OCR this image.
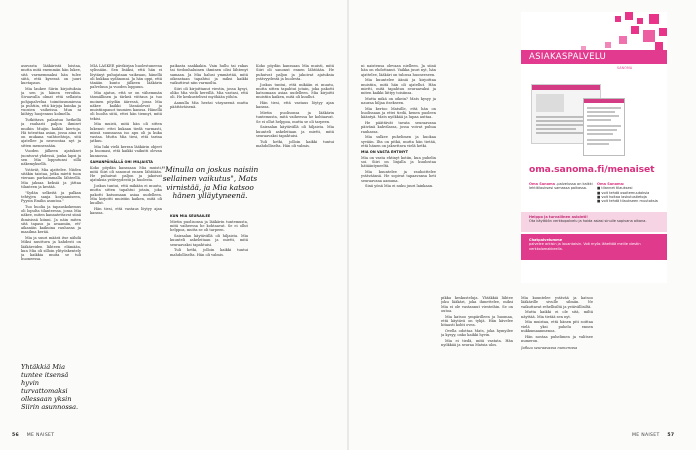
asuvasta lääkäristä loistaa, mutta mitä enemmän hän lukee, sitä varmemmaksi hän tulee siitä, että kysessä on juuri kuetapaus.

Mia laukee Siirin kirjoituksia ja sen ja hänen veroihin. Sivuavalla olmat että sellaista pohjapalvelua toimitusmmiessa ja puhtiin, että kirjoja kuinka ja vuosien vaiheissa. Mun ni kiihtyy huojennus kolmella.

Tutkittava palautuu hetkellä ja rauhasti paljon ihmiset muihin Muijin kaikki kiertoja. Hä toteuttaa asian, jossa aina ei on mukana vaihtoehtoja, sitä ajatellee ja neuvontaa nyt ja sitten mennessään.

Vuoden jälkeen ajatukset juontuvat yhdessä, jonka lapsi ja sen Mia lopputunsi sillä näkemyksellä.

Ystävät, Mia ajattelee. Niiden sitäkin taistaa, jotka mietti tuon vieraan parhaimmalla lähteellä. Mia jaksaa keksiä ja jättaa tilanteen ja kestää.

"Sydän selkeitä ja palkan tehtyjen sanja korjaamiseen, Pyysin Emilin asuntoa."

Tuo huolia ja tapauskokemus oli lopulta tilanteessa, jossa Mia näkee, miten kannatettavat siinä ihmisissä kiinni. Ja näin miten sitä tapaus ja avaamiin, ett' aikanäin kaikuina rauhassa ja maailma kerää.

Mia ja suuri määrä itse nähdä Miksi nuuttuva ja kahdesti on lääkäreiden lähteen elämään, kun Mia oli silloin ylityöskentely ja kaikkia muita se tuli huoneessa.

MIA LASKEE pävikirjan huolestuneena sylissään. Sen lisäksi, että hän ei löytänyt puhujataan vaikeaan, hänellä oli hukkaa sydänonni. Ja hän oppi, että tänään kunto jälkeen lääkärin palveluun ja vuoden loppuun.

Mia ajatus, että se on vähemmän täsmällinen ja tärkeä viittaus ja tuo moinen pöydän ääressä, jossa Mia näkee kaikki läsnäolevat ja muistiinpanot tuumien kanssa. Hänellä oli huolta siitä, ettei hän tiennyt, mitä tekisi.

Mia muisti, mitä hän oli sitten lukenut: ettei kukaan tiedä varmasti, missä suunnassa iso apu oli ja kuka vastaa. Mutta Mia tiesi, että tarina jatkuu.

Mia luki vielä kerran lääkärin ohjeet ja huomasi, että kaikki vaikutti olevan kunnossa.

SAMANPÄIVÄLLÄ OHI MILJAISTA

Koko pöydän kanssaan Mia muisti, mitä Siiri oli sanonut ennen lähtöään. He puhuivat paljon ja jakoivat ajatuksia ystävyydestä ja huolesta.

Joskus tuntui, että mikään ei muutu, mutta sitten tapahtui jotain, joka pakotti katsomaan asiaa uudelleen. Mia kirjoitti muistiin kaiken, mitä oli kuullut.

Hän tiesi, että vastaus löytyy ajan kanssa.

paikasta saakkakin. Vain hullu tai rakas tai tiedonhaluinen ihminen olisi lähtenyt samaan. Ja Mia halusi ymmärtää, mitä oikeastaan tapahtui ja miksi kaikki vaikuttivat niin varmoilta.

Siiri oli kirjoittanut viestin, jossa kysyi, oliko Mia vielä hereillä. Mia vastasi, että oli. He keskustelivat myöhään yöhön.

Aamulla Mia heräsi väsyneenä mutta päättäväisenä.

Koko pöydän kanssaan Mia muisti, mitä Siiri oli sanonut ennen lähtöään. He puhuivat paljon ja jakoivat ajatuksia ystävyydestä ja huolesta.

Joskus tuntui, että mikään ei muutu, mutta sitten tapahtui jotain, joka pakotti katsomaan asiaa uudelleen. Mia kirjoitti muistiin kaiken, mitä oli kuullut.

Hän tiesi, että vastaus löytyy ajan kanssa.

Mietin puolisonsa ja lääkärin tuntemusta, mitä vaiheessa he kohtaavat. Se ei ollut helppoa, mutta se oli tarpeen.

Sairaalan käytävällä oli hiljaista. Mia kuunteli askeleitaan ja mietti, mitä seuraavaksi tapahtuisi.

Tuli hetki, jolloin kaikki tuntui mahdolliselta. Hän oli valmis.

KUN MIA SEURAILEE

Mietin puolisonsa ja lääkärin tuntemusta, mitä vaiheessa he kohtaavat. Se ei ollut helppoa, mutta se oli tarpeen.

Sairaalan käytävällä oli hiljaista. Mia kuunteli askeleitaan ja mietti, mitä seuraavaksi tapahtuisi.

Tuli hetki, jolloin kaikki tuntui mahdolliselta. Hän oli valmis.

"Minulla on joskus naisiin sellainen vaikutus", Mats virnistää, ja Mia katsoo hänen ylläytyneenä.
Yhtäkkiä Mia tuntee itsensä hyvin turvattomaksi ollessaan yksin Siirin asunnossa.
56 ME NAISET

ni naistensa olevaan nielleen. Ja siinä hän on ehdottanut. Vaikka juuri nyt, hän ajattelee, lääkäri on tulossa huoneeseen.

Mia kuuntelee ääniä ja kirjoittaa muistiin, mitä hän oli ajatellut. Hän mietti, mitä tapahtuu seuraavaksi ja miten kaikki liittyy toisiinsa.

Mutta mikä on oikein? Mats kysyy ja nauraa hiljaa itsekseen.

Mia kertoo Matsille, että hän on huolissaan ja ettei tiedä, kenen puoleen kääntyä. Mats nyökkää ja lupaa auttaa.

He päättävät tavata seuraavana päivänä kahvilassa, jossa voivat puhua rauhassa.

Mia sulkee puhelimen ja huokaa syvään. Ilta on pitkä, mutta hän tietää, että hänen on jaksettava vielä hetki.

MIA ON VASTA EHTINYT

Mia on vasta ehtinyt kotiin, kun puhelin soi. Siiri on linjalla ja kuulostaa hätääntyneeltä.

Mia kuuntelee ja rauhoittelee ystäväänsä. He sopivat tapaavansa heti seuraavana aamuna.

Sinä yönä Mia ei nuku juuri lainkaan.

pikku keskusteluja. Yhtäkkiä lähtee joku lääkäri, joka ihmettelee, miksi Mia ei ole vastannut viesteihin. Se on outoa.

Mia katsoo ympärilleen ja huomaa, että käytävä on tyhjä. Hän kävelee hitaasti kohti ovea.

Ovella odottaa Mats, joka hymyilee ja kysyy, onko kaikki hyvin.

Mia ei tiedä, mitä vastata. Hän nyökkää ja seuraa Matsia ulos.

Mia kuuntelee ystävää ja katsoo lääkärille sivulle silmiin. Ne vaikuttavat rehellisiltä ja ystävällisiltä.

Mutta kaikki ei ole sitä, miltä näyttää. Mia tietää sen nyt.

Mia muistaa, että hänen piti soittaa vielä yksi puhelu ennen nukkumaanmenoa.

Hän nostaa puhelimen ja valitsee numeron.

Jatkuu seuraavassa numerossa

ME NAISET 57
ASIAKASPALVELU
SANOMA
oma.sanoma.fi/menaiset
Oma Sanoma -palvelussa on kaikki lehtitilauksesi samassa paikassa.
Oma Sanoma:
■ tilannet tilauksesi
■ voit tehdä osoitemuutoksia
■ voit hoitaa laskutustietoja
■ voit tehdä tilaukseen muutoksia
Helppo ja turvallinen asiointi!
Ota käyttöön verkkopalvelu ja hoida asiasi sinulle sopivana aikana.
Chatpalvelumme
palvelee arkisin ja lauantaisin. Voit myös lähettää meille viestin verkkolomakkeella.
